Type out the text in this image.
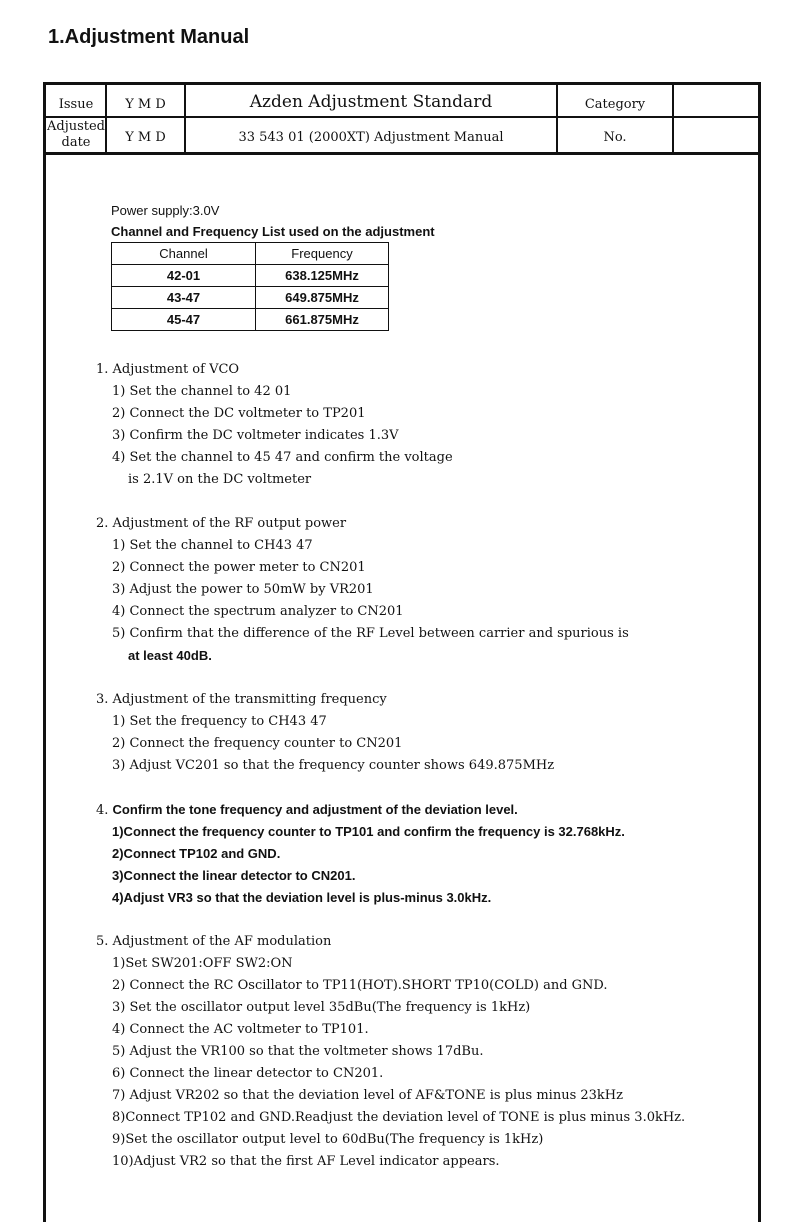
1.Adjustment Manual
Issue	Y M D	Azden Adjustment Standard	Category
Adjusted date	Y M D	33 543 01 (2000XT) Adjustment Manual	No.
Power supply:3.0V
Channel and Frequency List used on the adjustment
Channel	Frequency
42-01	638.125MHz
43-47	649.875MHz
45-47	661.875MHz
1. Adjustment of VCO
1) Set the channel to 42 01
2) Connect the DC voltmeter to TP201
3) Confirm the DC voltmeter indicates 1.3V
4) Set the channel to 45 47 and confirm the voltage
is 2.1V on the DC voltmeter
2. Adjustment of the RF output power
1) Set the channel to CH43 47
2) Connect the power meter to CN201
3) Adjust the power to 50mW by VR201
4) Connect the spectrum analyzer to CN201
5) Confirm that the difference of the RF Level between carrier and spurious is
at least 40dB.
3. Adjustment of the transmitting frequency
1) Set the frequency to CH43 47
2) Connect the frequency counter to CN201
3) Adjust VC201 so that the frequency counter shows 649.875MHz
4. Confirm the tone frequency and adjustment of the deviation level.
1)Connect the frequency counter to TP101 and confirm the frequency is 32.768kHz.
2)Connect TP102 and GND.
3)Connect the linear detector to CN201.
4)Adjust VR3 so that the deviation level is plus-minus 3.0kHz.
5. Adjustment of the AF modulation
1)Set SW201:OFF SW2:ON
2) Connect the RC Oscillator to TP11(HOT).SHORT TP10(COLD) and GND.
3) Set the oscillator output level 35dBu(The frequency is 1kHz)
4) Connect the AC voltmeter to TP101.
5) Adjust the VR100 so that the voltmeter shows 17dBu.
6) Connect the linear detector to CN201.
7) Adjust VR202 so that the deviation level of AF&TONE is plus minus 23kHz
8)Connect TP102 and GND.Readjust the deviation level of TONE is plus minus 3.0kHz.
9)Set the oscillator output level to 60dBu(The frequency is 1kHz)
10)Adjust VR2 so that the first AF Level indicator appears.
